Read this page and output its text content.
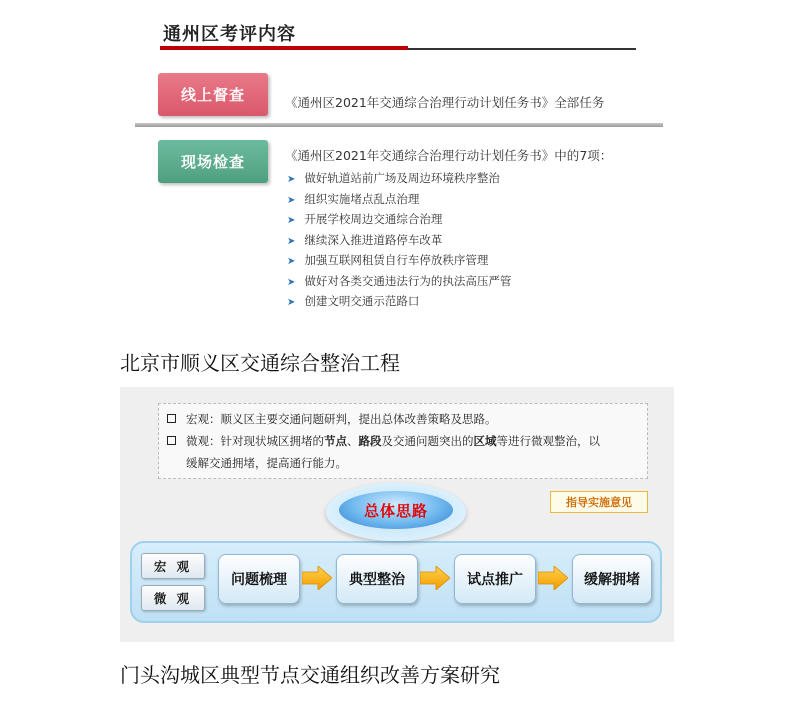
通州区考评内容
线上督查	《通州区2021年交通综合治理行动计划任务书》全部任务
现场检查	《通州区2021年交通综合治理行动计划任务书》中的7项：
➤ 做好轨道站前广场及周边环境秩序整治
➤ 组织实施堵点乱点治理
➤ 开展学校周边交通综合治理
➤ 继续深入推进道路停车改革
➤ 加强互联网租赁自行车停放秩序管理
➤ 做好对各类交通违法行为的执法高压严管
➤ 创建文明交通示范路口
北京市顺义区交通综合整治工程
宏观：顺义区主要交通问题研判，提出总体改善策略及思路。
微观：针对现状城区拥堵的节点、路段及交通问题突出的区域等进行微观整治，以
缓解交通拥堵，提高通行能力。
指导实施意见
宏 观
微 观
问题梳理	典型整治	试点推广	缓解拥堵
总体思路
门头沟城区典型节点交通组织改善方案研究
